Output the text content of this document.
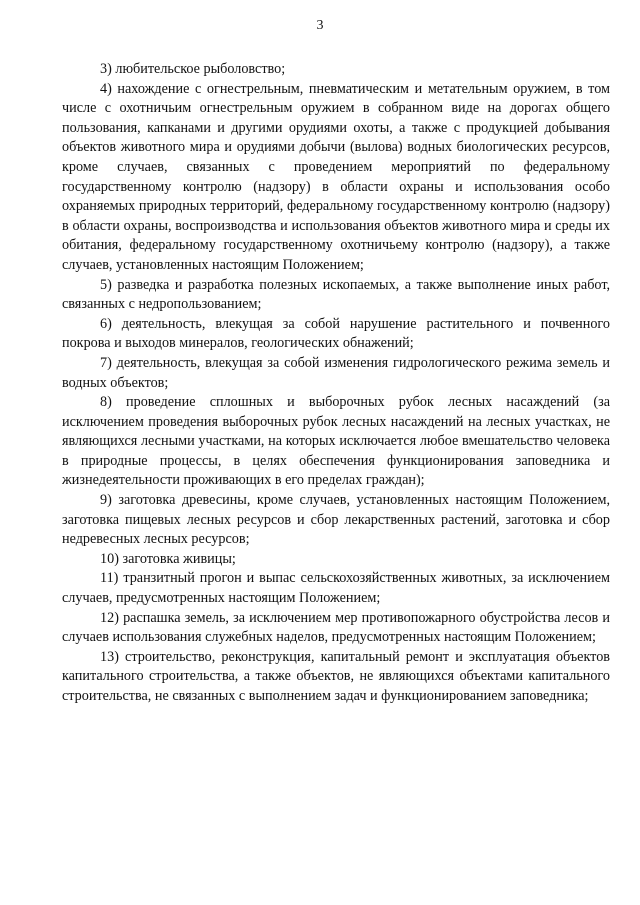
3

3) любительское рыболовство;

4) нахождение с огнестрельным, пневматическим и метательным оружием, в том числе с охотничьим огнестрельным оружием в собранном виде на дорогах общего пользования, капканами и другими орудиями охоты, а также с продукцией добывания объектов животного мира и орудиями добычи (вылова) водных биологических ресурсов, кроме случаев, связанных с проведением мероприятий по федеральному государственному контролю (надзору) в области охраны и использования особо охраняемых природных территорий, федеральному государственному контролю (надзору) в области охраны, воспроизводства и использования объектов животного мира и среды их обитания, федеральному государственному охотничьему контролю (надзору), а также случаев, установленных настоящим Положением;

5) разведка и разработка полезных ископаемых, а также выполнение иных работ, связанных с недропользованием;

6) деятельность, влекущая за собой нарушение растительного и почвенного покрова и выходов минералов, геологических обнажений;

7) деятельность, влекущая за собой изменения гидрологического режима земель и водных объектов;

8) проведение сплошных и выборочных рубок лесных насаждений (за исключением проведения выборочных рубок лесных насаждений на лесных участках, не являющихся лесными участками, на которых исключается любое вмешательство человека в природные процессы, в целях обеспечения функционирования заповедника и жизнедеятельности проживающих в его пределах граждан);

9) заготовка древесины, кроме случаев, установленных настоящим Положением, заготовка пищевых лесных ресурсов и сбор лекарственных растений, заготовка и сбор недревесных лесных ресурсов;

10) заготовка живицы;

11) транзитный прогон и выпас сельскохозяйственных животных, за исключением случаев, предусмотренных настоящим Положением;

12) распашка земель, за исключением мер противопожарного обустройства лесов и случаев использования служебных наделов, предусмотренных настоящим Положением;

13) строительство, реконструкция, капитальный ремонт и эксплуатация объектов капитального строительства, а также объектов, не являющихся объектами капитального строительства, не связанных с выполнением задач и функционированием заповедника;
